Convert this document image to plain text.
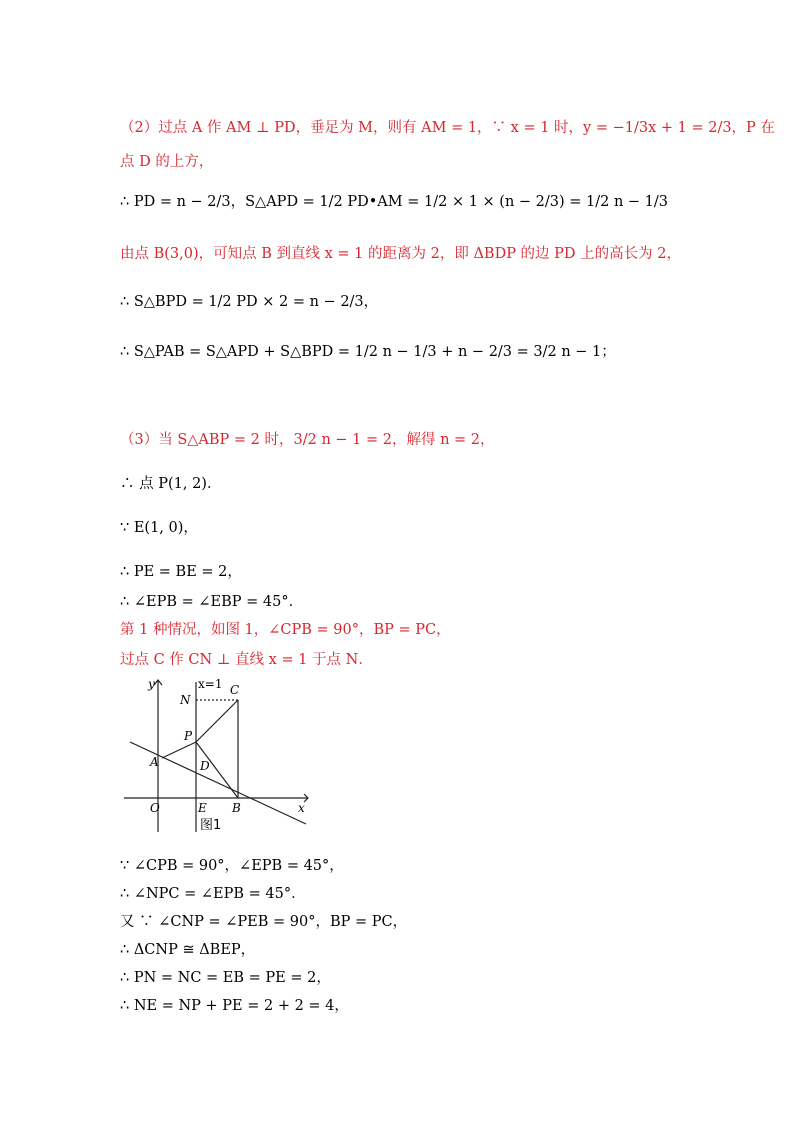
（2）过点 A 作 AM ⊥ PD，垂足为 M，则有 AM = 1，∵ x = 1 时，y = −1/3x + 1 = 2/3，P 在
点 D 的上方，
∴ PD = n − 2/3，S△APD = 1/2 PD•AM = 1/2 × 1 × (n − 2/3) = 1/2 n − 1/3
由点 B(3,0)，可知点 B 到直线 x = 1 的距离为 2，即 ΔBDP 的边 PD 上的高长为 2，
∴ S△BPD = 1/2 PD × 2 = n − 2/3，
∴ S△PAB = S△APD + S△BPD = 1/2 n − 1/3 + n − 2/3 = 3/2 n − 1；
（3）当 S△ABP = 2 时，3/2 n − 1 = 2，解得 n = 2，
∴ 点 P(1, 2)．
∵ E(1, 0)，
∴ PE = BE = 2，
∴ ∠EPB = ∠EBP = 45°．
第 1 种情况，如图 1，∠CPB = 90°，BP = PC，
过点 C 作 CN ⊥ 直线 x = 1 于点 N．
y	x=1 C
N
P
A	D
O	E B	x
图1
∵ ∠CPB = 90°，∠EPB = 45°，
∴ ∠NPC = ∠EPB = 45°．
又 ∵ ∠CNP = ∠PEB = 90°，BP = PC，
∴ ΔCNP ≅ ΔBEP，
∴ PN = NC = EB = PE = 2，
∴ NE = NP + PE = 2 + 2 = 4，
